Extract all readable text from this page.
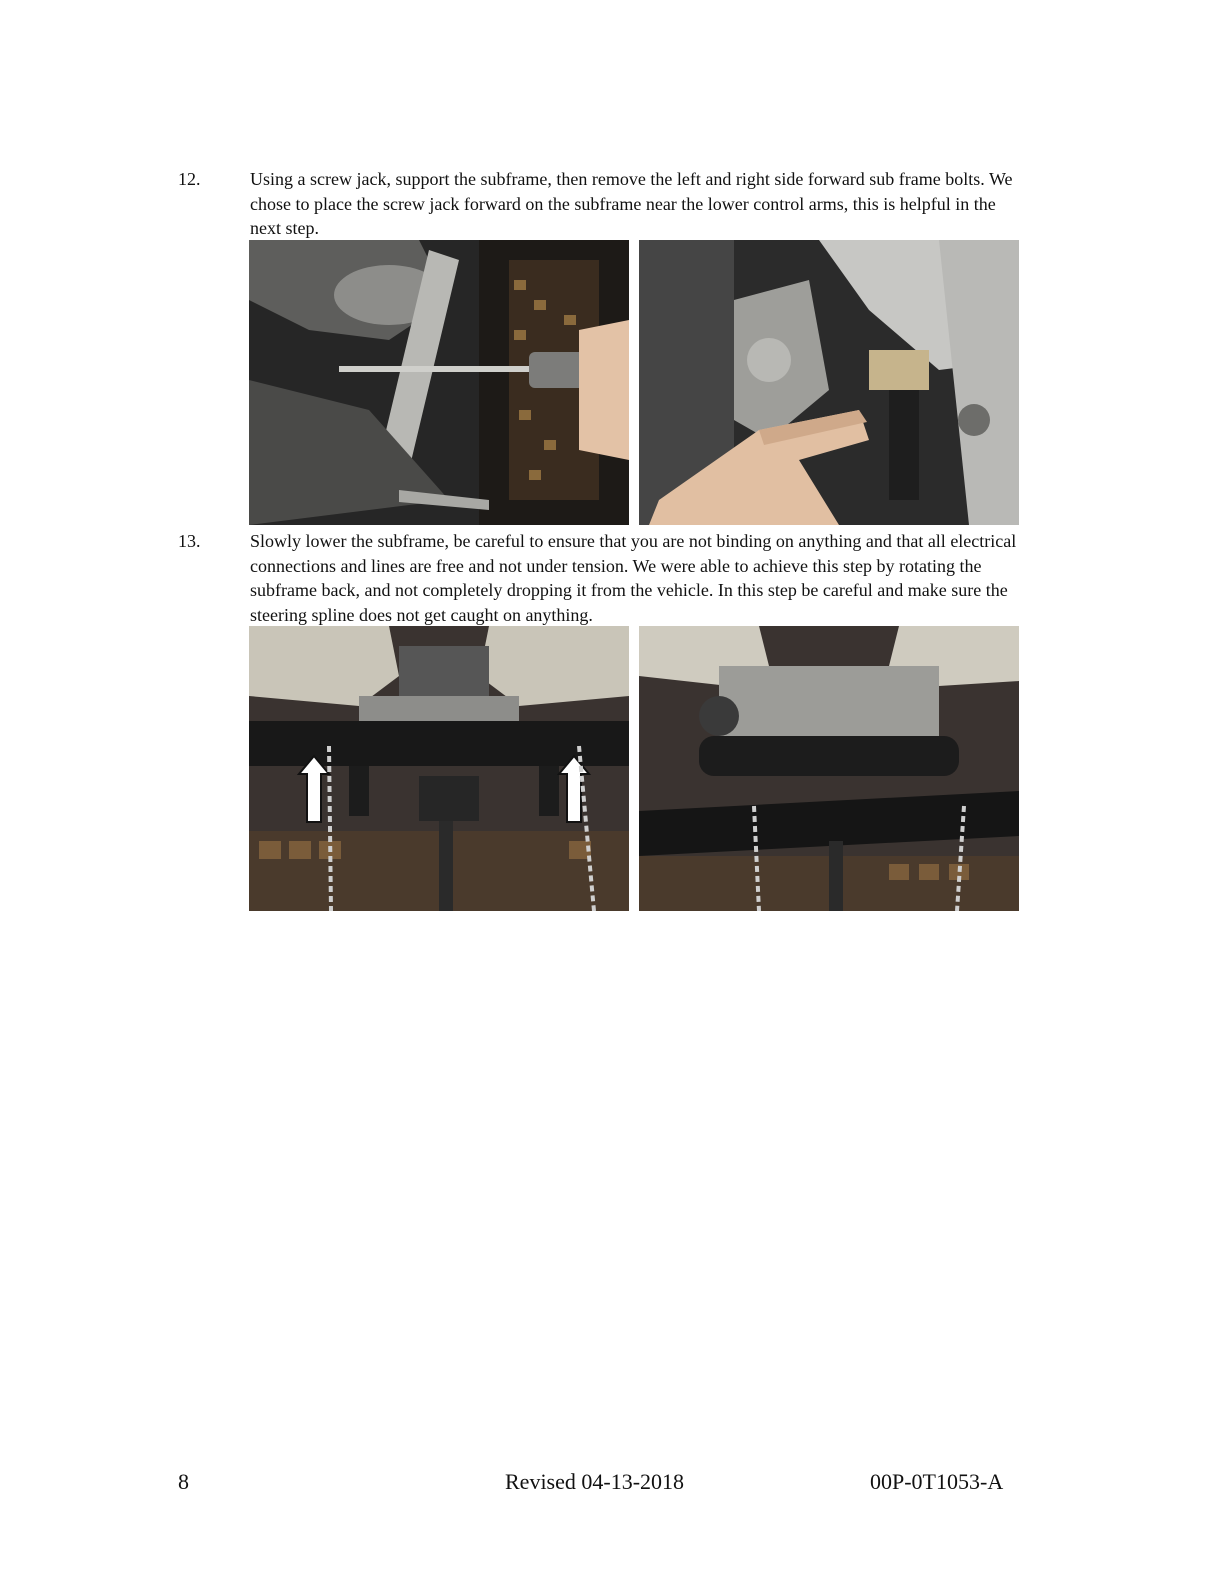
12.	Using a screw jack, support the subframe, then remove the left and right side forward sub frame bolts. We chose to place the screw jack forward on the subframe near the lower control arms, this is helpful in the next step.

13.	Slowly lower the subframe, be careful to ensure that you are not binding on anything and that all electrical connections and lines are free and not under tension. We were able to achieve this step by rotating the subframe back, and not completely dropping it from the vehicle. In this step be careful and make sure the steering spline does not get caught on anything.

8	Revised 04-13-2018	00P-0T1053-A
